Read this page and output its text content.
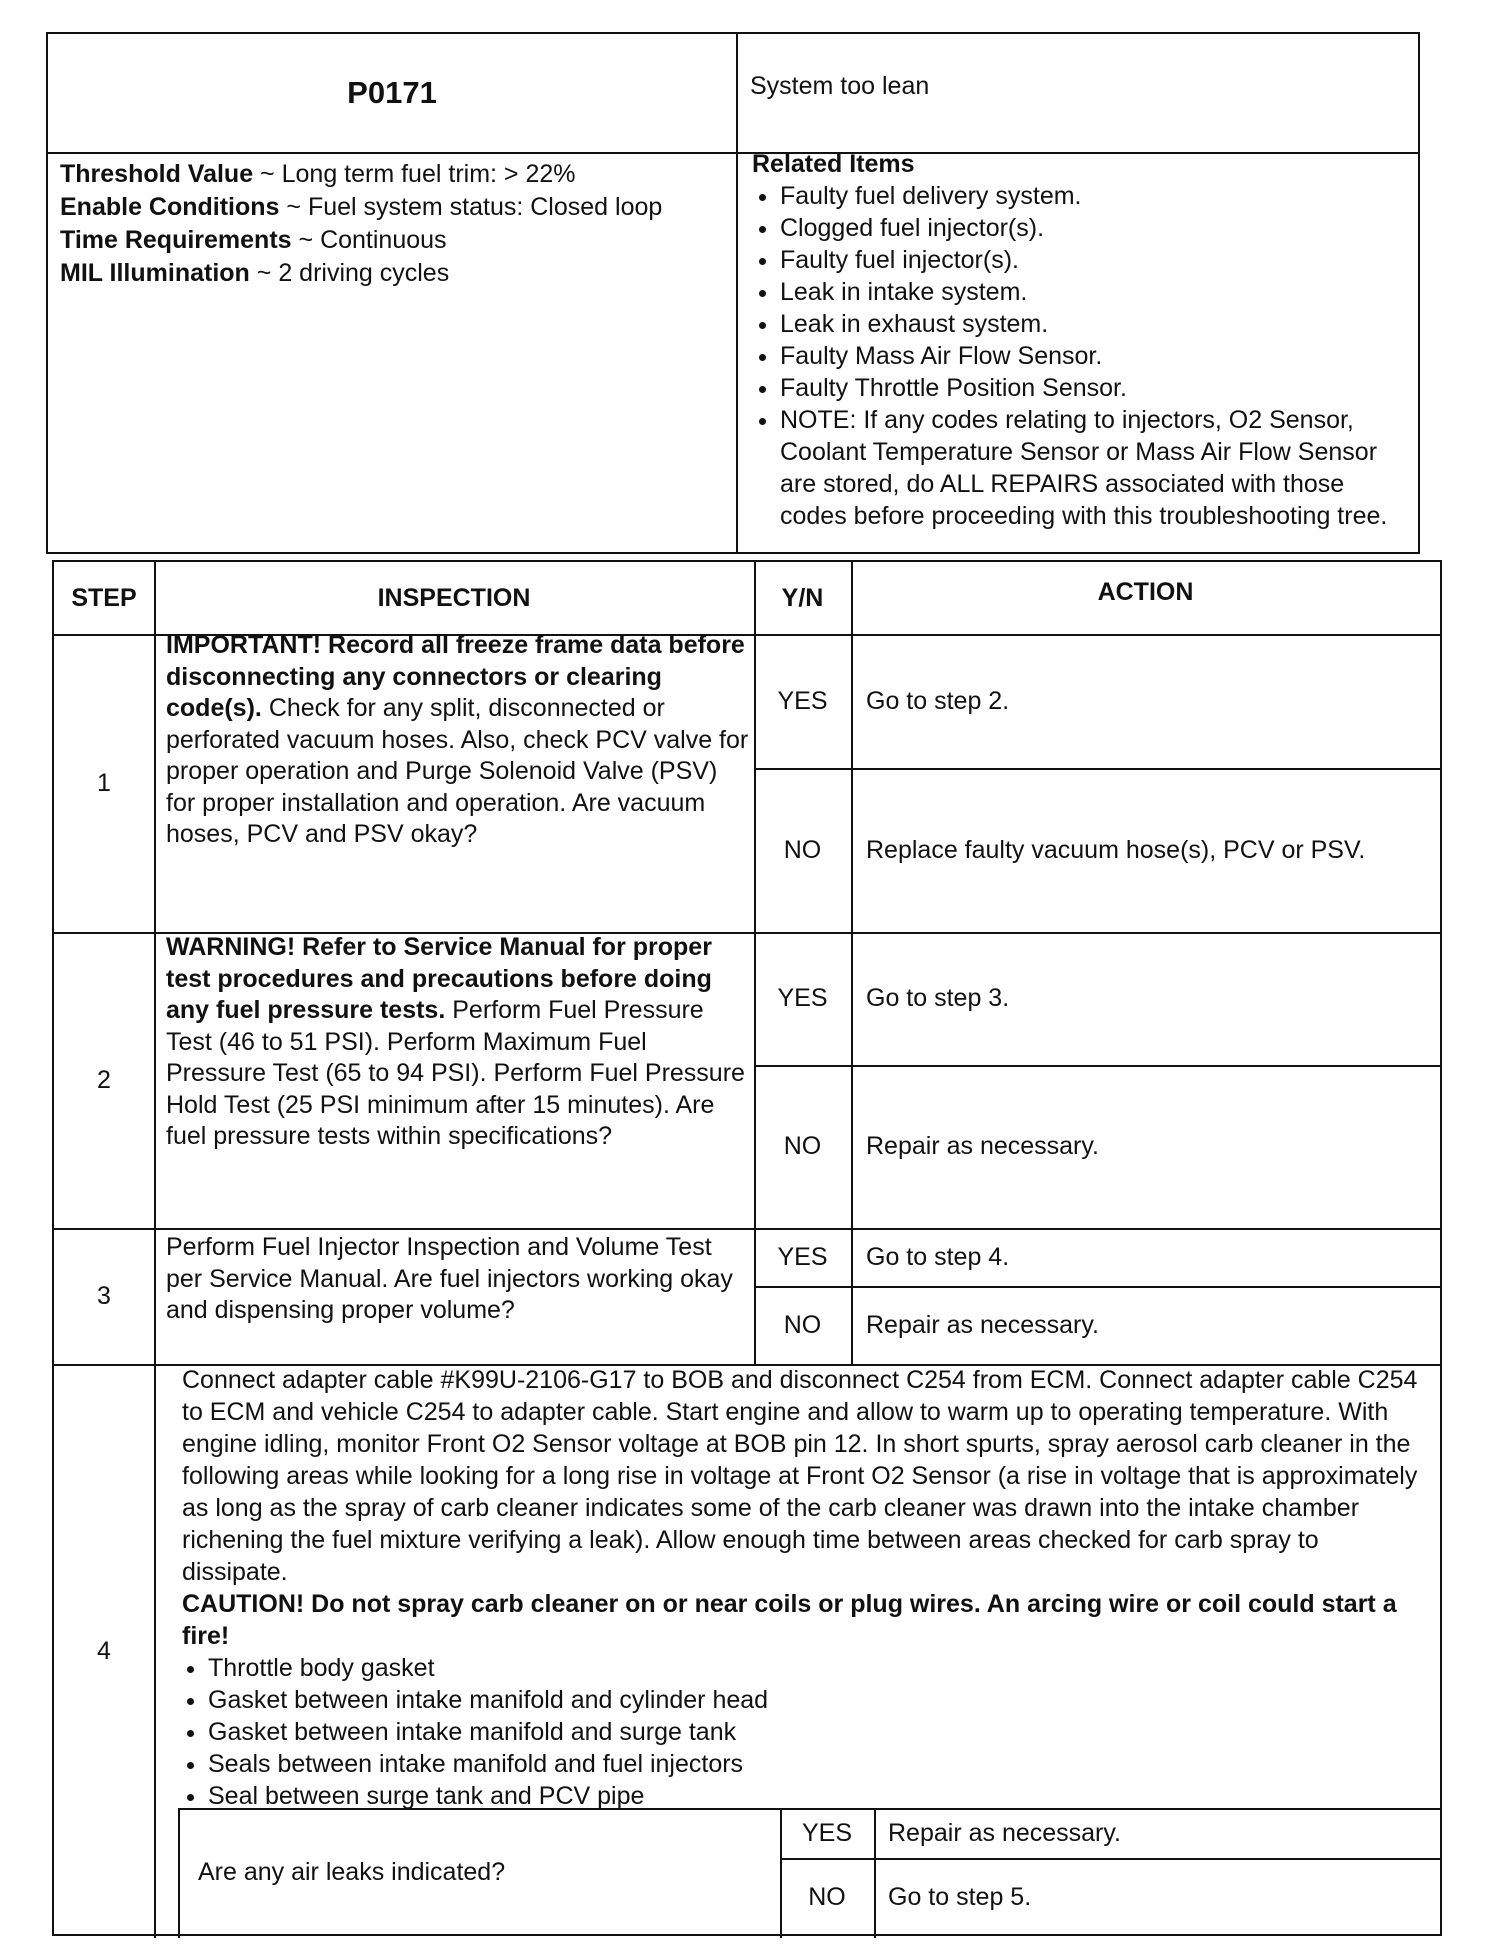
P0171	System too lean
Threshold Value ~ Long term fuel trim: > 22%
Enable Conditions ~ Fuel system status: Closed loop
Time Requirements ~ Continuous
MIL Illumination ~ 2 driving cycles
Related Items
• Faulty fuel delivery system.
• Clogged fuel injector(s).
• Faulty fuel injector(s).
• Leak in intake system.
• Leak in exhaust system.
• Faulty Mass Air Flow Sensor.
• Faulty Throttle Position Sensor.
• NOTE: If any codes relating to injectors, O2 Sensor, Coolant Temperature Sensor or Mass Air Flow Sensor are stored, do ALL REPAIRS associated with those codes before proceeding with this troubleshooting tree.
STEP	INSPECTION	Y/N	ACTION
1
IMPORTANT! Record all freeze frame data before disconnecting any connectors or clearing code(s). Check for any split, disconnected or perforated vacuum hoses. Also, check PCV valve for proper operation and Purge Solenoid Valve (PSV) for proper installation and operation. Are vacuum hoses, PCV and PSV okay?
YES	Go to step 2.
NO	Replace faulty vacuum hose(s), PCV or PSV.
2
WARNING! Refer to Service Manual for proper test procedures and precautions before doing any fuel pressure tests. Perform Fuel Pressure Test (46 to 51 PSI). Perform Maximum Fuel Pressure Test (65 to 94 PSI). Perform Fuel Pressure Hold Test (25 PSI minimum after 15 minutes). Are fuel pressure tests within specifications?
YES	Go to step 3.
NO	Repair as necessary.
3
Perform Fuel Injector Inspection and Volume Test per Service Manual. Are fuel injectors working okay and dispensing proper volume?
YES	Go to step 4.
NO	Repair as necessary.
4

Connect adapter cable #K99U-2106-G17 to BOB and disconnect C254 from ECM. Connect adapter cable C254 to ECM and vehicle C254 to adapter cable. Start engine and allow to warm up to operating temperature. With engine idling, monitor Front O2 Sensor voltage at BOB pin 12. In short spurts, spray aerosol carb cleaner in the following areas while looking for a long rise in voltage at Front O2 Sensor (a rise in voltage that is approximately as long as the spray of carb cleaner indicates some of the carb cleaner was drawn into the intake chamber richening the fuel mixture verifying a leak). Allow enough time between areas checked for carb spray to dissipate.

CAUTION! Do not spray carb cleaner on or near coils or plug wires. An arcing wire or coil could start a fire!

• Throttle body gasket
• Gasket between intake manifold and cylinder head
• Gasket between intake manifold and surge tank
• Seals between intake manifold and fuel injectors
• Seal between surge tank and PCV pipe
Are any air leaks indicated?
YES	Repair as necessary.
NO	Go to step 5.
